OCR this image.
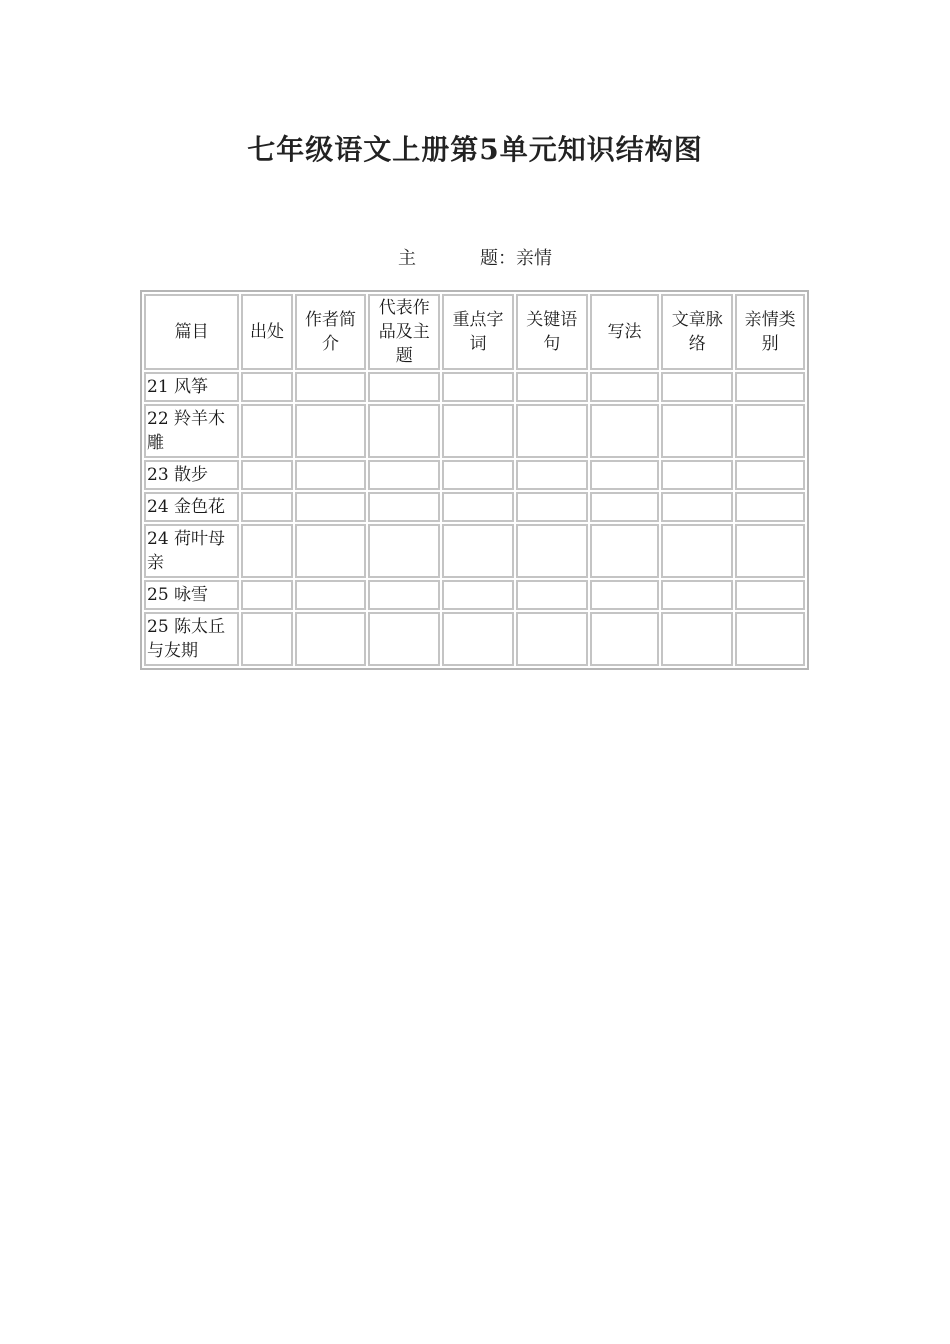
七年级语文上册第5单元知识结构图
主	题：亲情
篇目	出处	作者简介	代表作品及主题	重点字词	关键语句	写法	文章脉络	亲情类别
21 风筝								
22 羚羊木雕								
23 散步								
24 金色花								
24 荷叶母亲								
25 咏雪								
25 陈太丘与友期								
